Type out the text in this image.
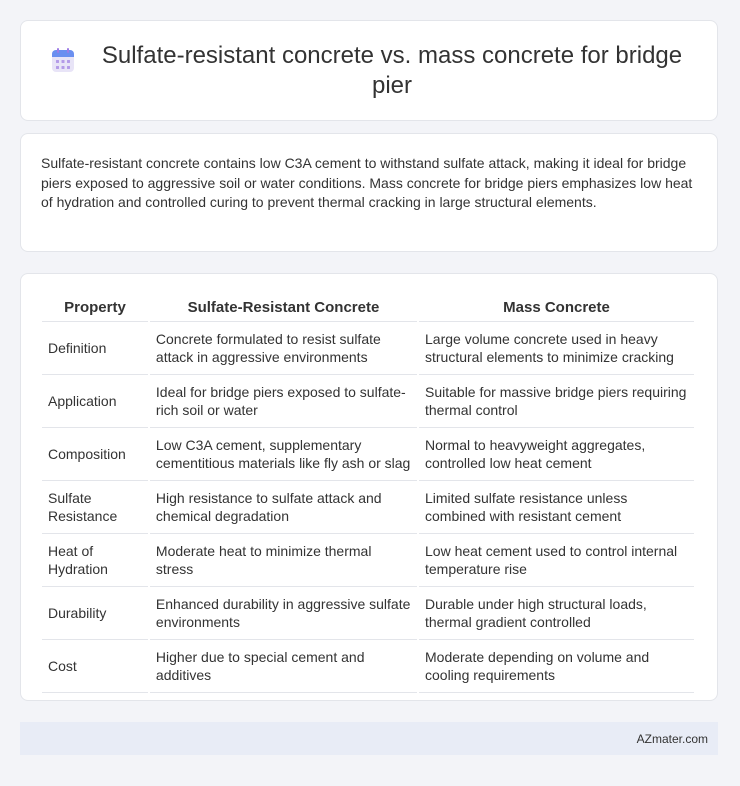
Sulfate-resistant concrete vs. mass concrete for bridge pier

Sulfate-resistant concrete contains low C3A cement to withstand sulfate attack, making it ideal for bridge piers exposed to aggressive soil or water conditions. Mass concrete for bridge piers emphasizes low heat of hydration and controlled curing to prevent thermal cracking in large structural elements.

Property	Sulfate-Resistant Concrete	Mass Concrete
Definition	Concrete formulated to resist sulfate attack in aggressive environments	Large volume concrete used in heavy structural elements to minimize cracking
Application	Ideal for bridge piers exposed to sulfate-rich soil or water	Suitable for massive bridge piers requiring thermal control
Composition	Low C3A cement, supplementary cementitious materials like fly ash or slag	Normal to heavyweight aggregates, controlled low heat cement
Sulfate Resistance	High resistance to sulfate attack and chemical degradation	Limited sulfate resistance unless combined with resistant cement
Heat of Hydration	Moderate heat to minimize thermal stress	Low heat cement used to control internal temperature rise
Durability	Enhanced durability in aggressive sulfate environments	Durable under high structural loads, thermal gradient controlled
Cost	Higher due to special cement and additives	Moderate depending on volume and cooling requirements
AZmater.com
